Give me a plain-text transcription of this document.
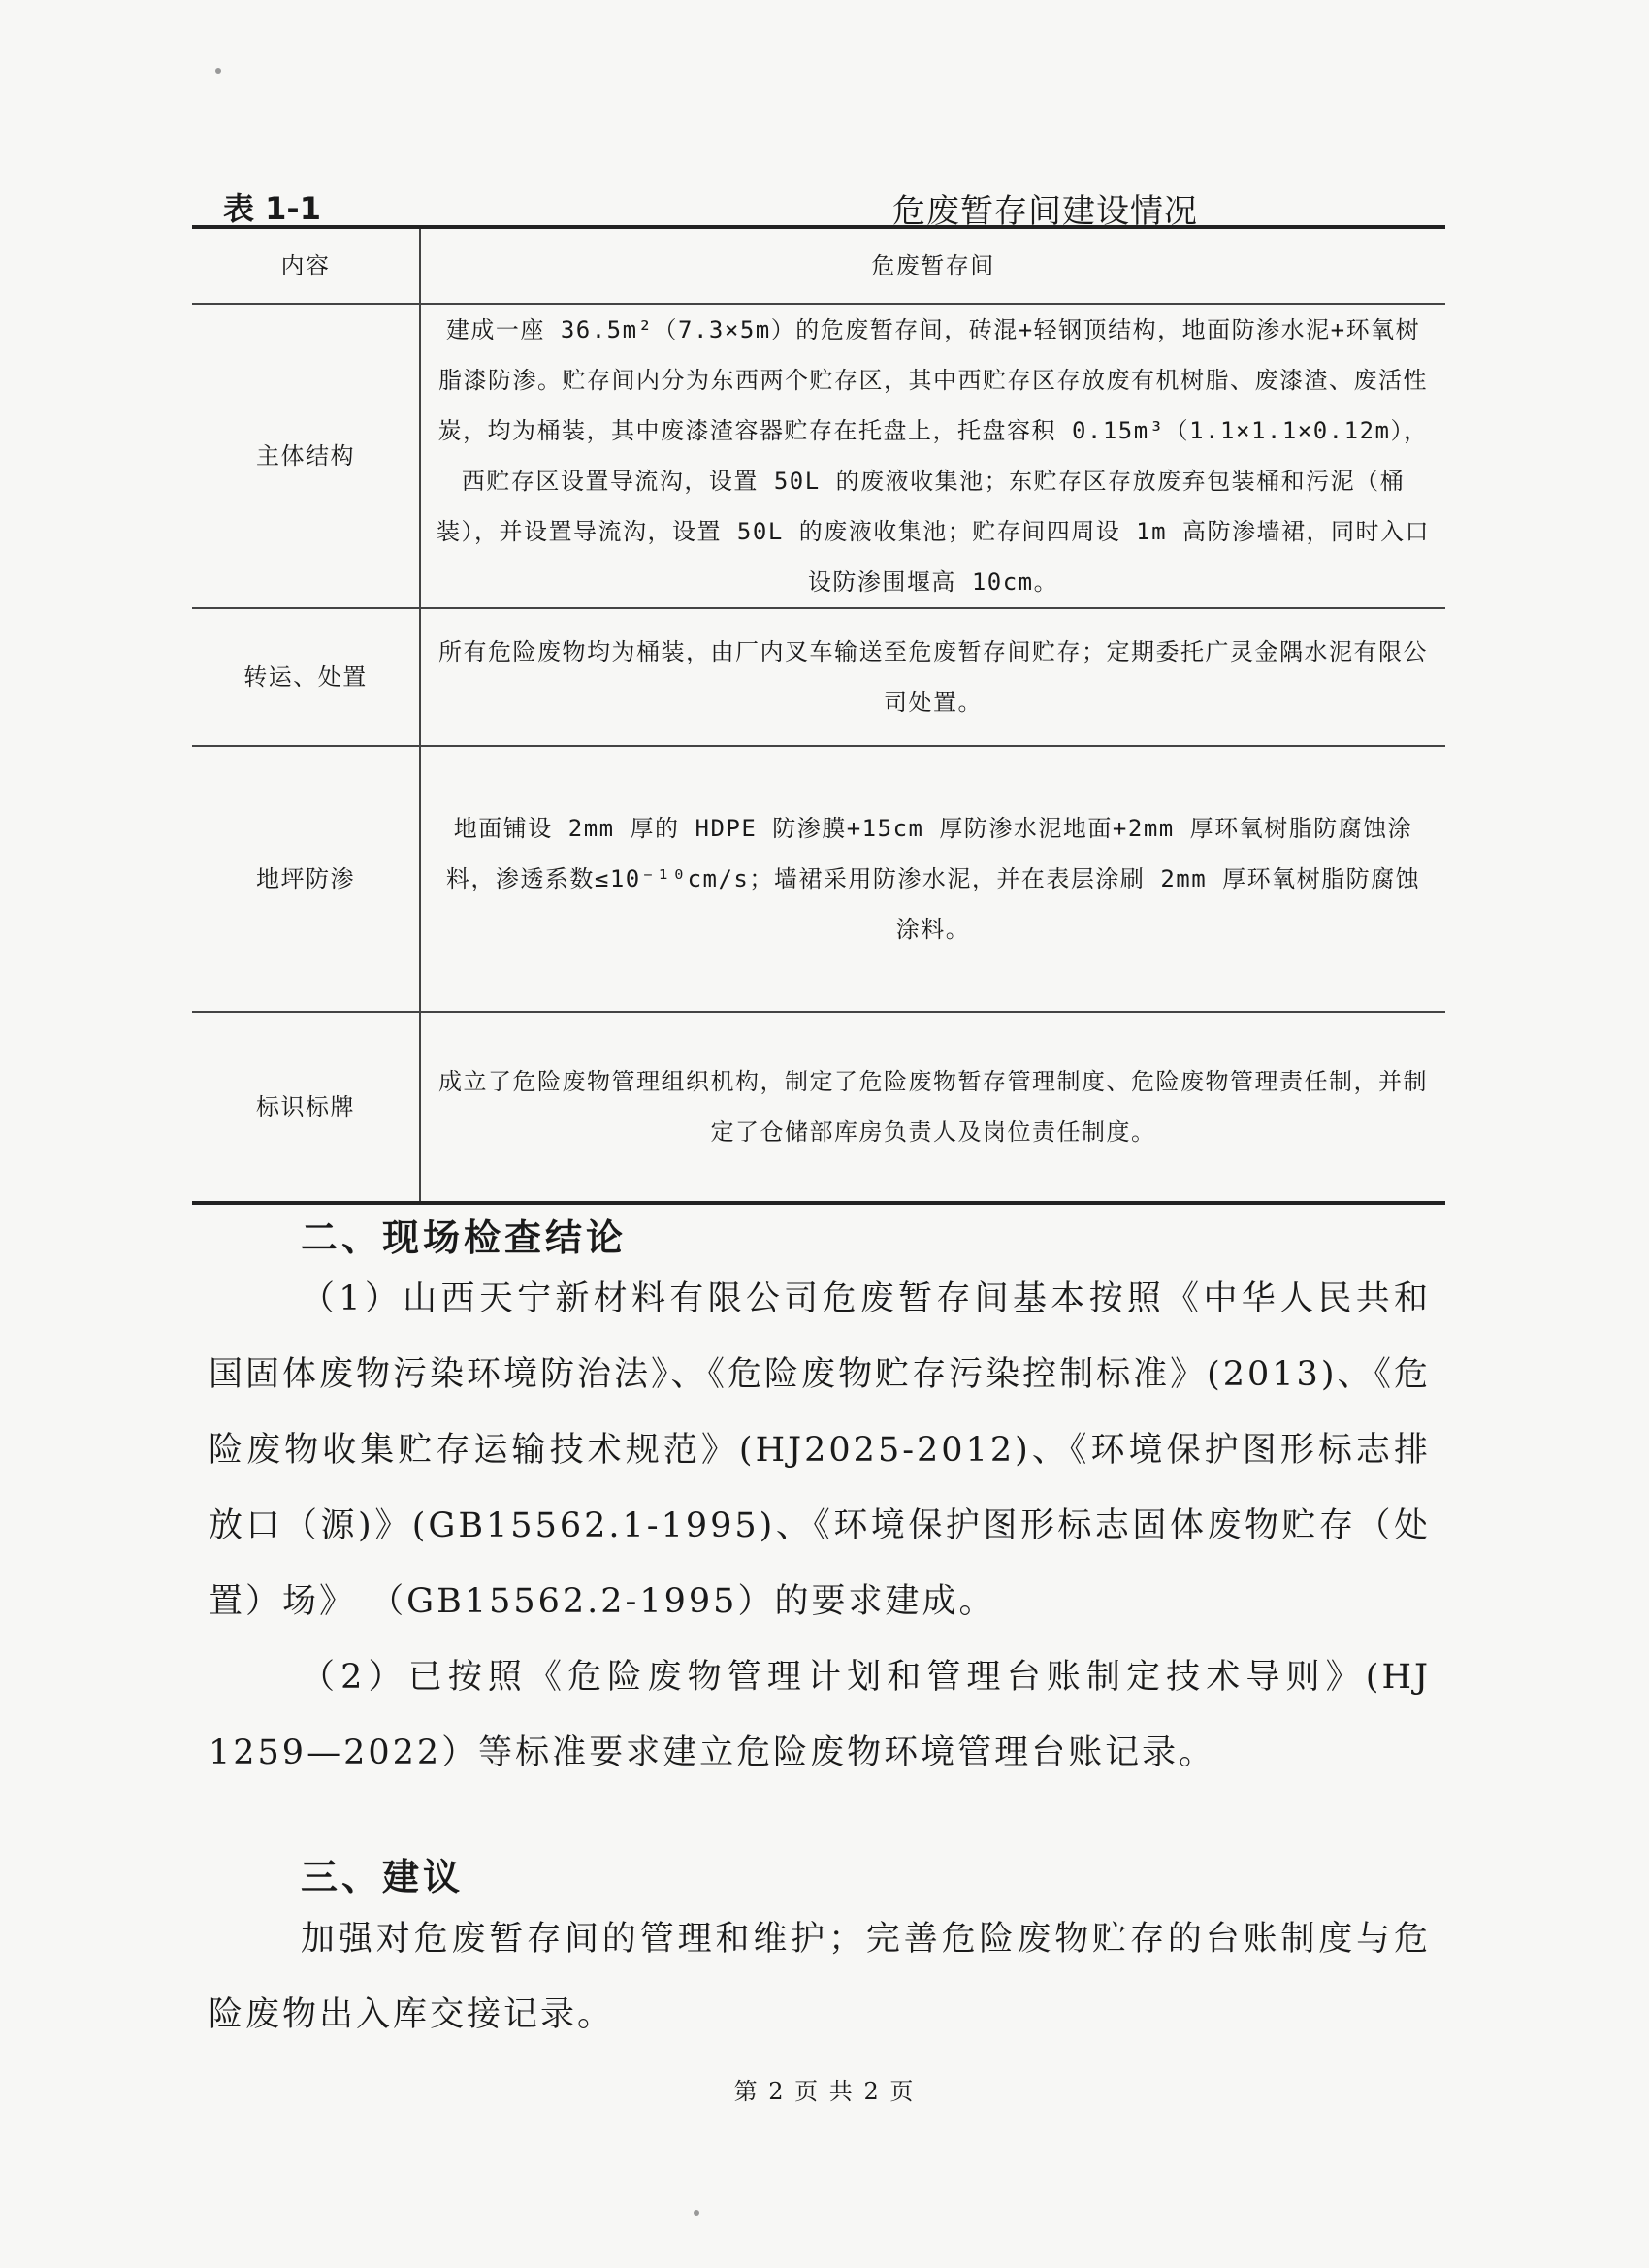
表 1-1	危废暂存间建设情况
内容	危废暂存间
主体结构	建成一座 36.5m²（7.3×5m）的危废暂存间，砖混+轻钢顶结构，地面防渗水泥+环氧树脂漆防渗。贮存间内分为东西两个贮存区，其中西贮存区存放废有机树脂、废漆渣、废活性炭，均为桶装，其中废漆渣容器贮存在托盘上，托盘容积 0.15m³（1.1×1.1×0.12m），西贮存区设置导流沟，设置 50L 的废液收集池；东贮存区存放废弃包装桶和污泥（桶装），并设置导流沟，设置 50L 的废液收集池；贮存间四周设 1m 高防渗墙裙，同时入口设防渗围堰高 10cm。
转运、处置	所有危险废物均为桶装，由厂内叉车输送至危废暂存间贮存；定期委托广灵金隅水泥有限公司处置。
地坪防渗	地面铺设 2mm 厚的 HDPE 防渗膜+15cm 厚防渗水泥地面+2mm 厚环氧树脂防腐蚀涂料，渗透系数≤10⁻¹⁰cm/s；墙裙采用防渗水泥，并在表层涂刷 2mm 厚环氧树脂防腐蚀涂料。
标识标牌	成立了危险废物管理组织机构，制定了危险废物暂存管理制度、危险废物管理责任制，并制定了仓储部库房负责人及岗位责任制度。
二、现场检查结论
（1）山西天宁新材料有限公司危废暂存间基本按照《中华人民共和国固体废物污染环境防治法》、《危险废物贮存污染控制标准》(2013)、《危险废物收集贮存运输技术规范》(HJ2025-2012)、《环境保护图形标志排放口（源)》(GB15562.1-1995)、《环境保护图形标志固体废物贮存（处置）场》 （GB15562.2-1995）的要求建成。
（2）已按照《危险废物管理计划和管理台账制定技术导则》(HJ 1259—2022）等标准要求建立危险废物环境管理台账记录。
三、建议
加强对危废暂存间的管理和维护；完善危险废物贮存的台账制度与危险废物出入库交接记录。
第 2 页 共 2 页
